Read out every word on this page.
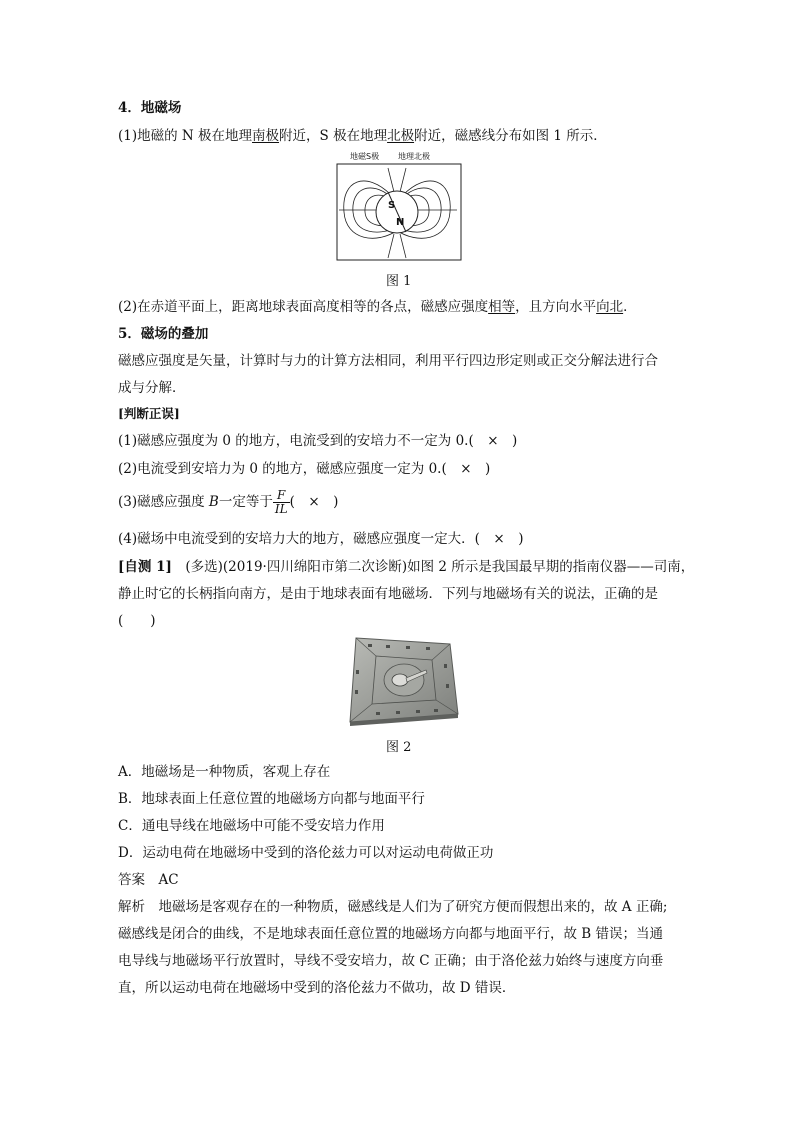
4．地磁场
(1)地磁的 N 极在地理南极附近，S 极在地理北极附近，磁感线分布如图 1 所示．
地磁S极 地理北极
S
N
图 1
(2)在赤道平面上，距离地球表面高度相等的各点，磁感应强度相等，且方向水平向北．
5．磁场的叠加
磁感应强度是矢量，计算时与力的计算方法相同，利用平行四边形定则或正交分解法进行合
成与分解．
[判断正误]
(1)磁感应强度为 0 的地方，电流受到的安培力不一定为 0.(　×　)
(2)电流受到安培力为 0 的地方，磁感应强度一定为 0.(　×　)
(3)磁感应强度 B一定等于 $\frac{F}{IL}$ (　×　)
(4)磁场中电流受到的安培力大的地方，磁感应强度一定大．(　×　)
[自测 1]　(多选)(2019·四川绵阳市第二次诊断)如图 2 所示是我国最早期的指南仪器——司南，
静止时它的长柄指向南方，是由于地球表面有地磁场．下列与地磁场有关的说法，正确的是
(　　)
图 2
A．地磁场是一种物质，客观上存在
B．地球表面上任意位置的地磁场方向都与地面平行
C．通电导线在地磁场中可能不受安培力作用
D．运动电荷在地磁场中受到的洛伦兹力可以对运动电荷做正功
答案　AC
解析　地磁场是客观存在的一种物质，磁感线是人们为了研究方便而假想出来的，故 A 正确;
磁感线是闭合的曲线，不是地球表面任意位置的地磁场方向都与地面平行，故 B 错误；当通
电导线与地磁场平行放置时，导线不受安培力，故 C 正确；由于洛伦兹力始终与速度方向垂
直，所以运动电荷在地磁场中受到的洛伦兹力不做功，故 D 错误．
